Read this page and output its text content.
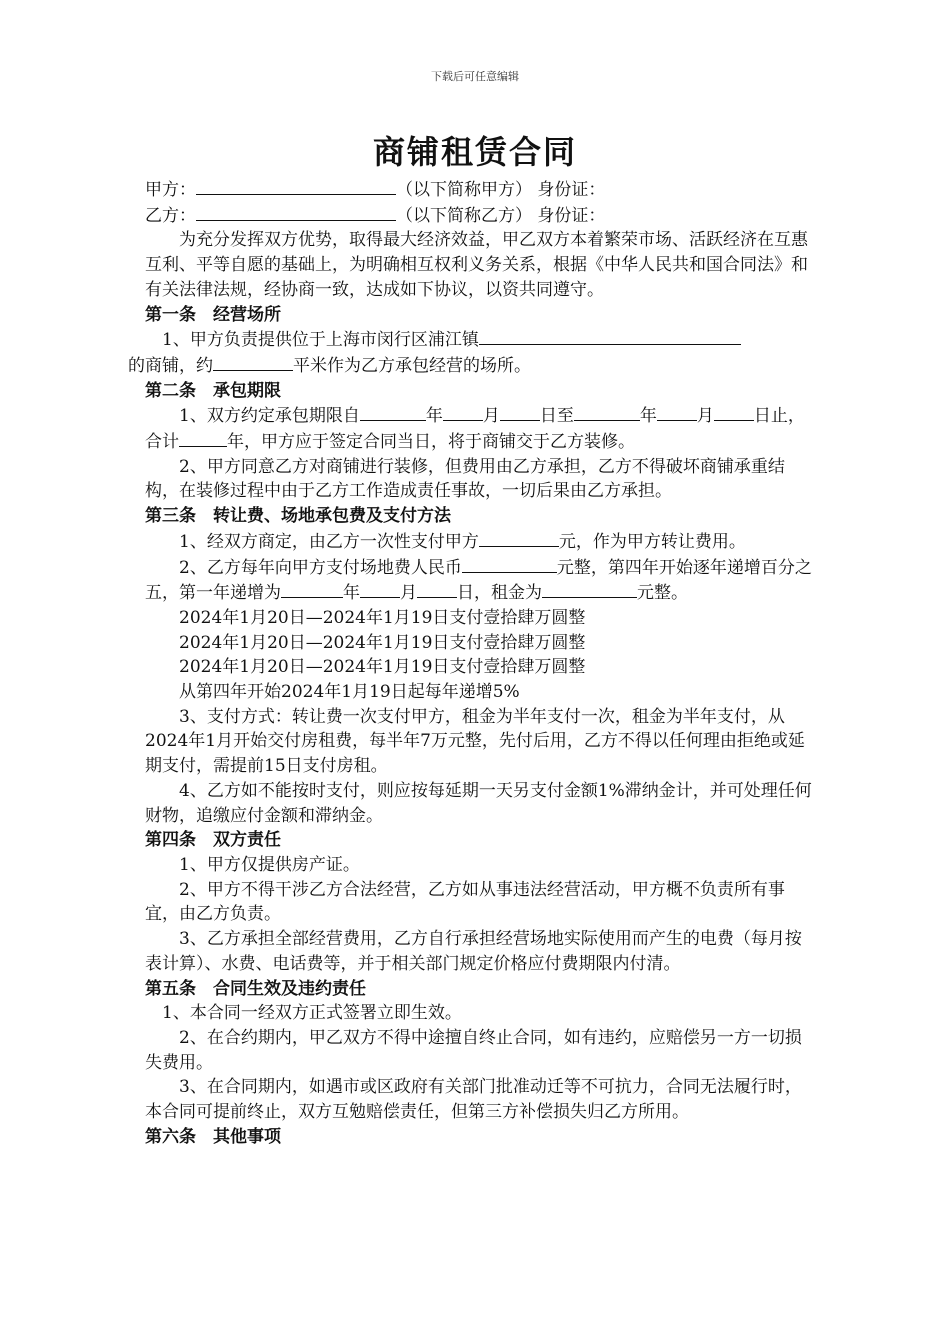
下载后可任意编辑
商铺租赁合同

甲方：	（以下简称甲方） 身份证：

乙方：	（以下简称乙方） 身份证：

为充分发挥双方优势，取得最大经济效益，甲乙双方本着繁荣市场、活跃经济在互惠互利、平等自愿的基础上，为明确相互权利义务关系，根据《中华人民共和国合同法》和有关法律法规，经协商一致，达成如下协议，以资共同遵守。

第一条　经营场所

1、甲方负责提供位于上海市闵行区浦江镇
的商铺，约	平米作为乙方承包经营的场所。

第二条　承包期限

1、双方约定承包期限自	年 月 日至	年 月 日止，合计	年，甲方应于签定合同当日，将于商铺交于乙方装修。

2、甲方同意乙方对商铺进行装修，但费用由乙方承担，乙方不得破坏商铺承重结构，在装修过程中由于乙方工作造成责任事故，一切后果由乙方承担。

第三条　转让费、场地承包费及支付方法

1、经双方商定，由乙方一次性支付甲方	元，作为甲方转让费用。

2、乙方每年向甲方支付场地费人民币	元整，第四年开始逐年递增百分之五，第一年递增为	年 月 日，租金为	元整。

2024年1月20日—2024年1月19日支付壹拾肆万圆整

2024年1月20日—2024年1月19日支付壹拾肆万圆整

2024年1月20日—2024年1月19日支付壹拾肆万圆整

从第四年开始2024年1月19日起每年递增5%

3、支付方式：转让费一次支付甲方，租金为半年支付一次，租金为半年支付，从2024年1月开始交付房租费，每半年7万元整，先付后用，乙方不得以任何理由拒绝或延期支付，需提前15日支付房租。

4、乙方如不能按时支付，则应按每延期一天另支付金额1%滞纳金计，并可处理任何财物，追缴应付金额和滞纳金。

第四条　双方责任

1、甲方仅提供房产证。

2、甲方不得干涉乙方合法经营，乙方如从事违法经营活动，甲方概不负责所有事宜，由乙方负责。

3、乙方承担全部经营费用，乙方自行承担经营场地实际使用而产生的电费（每月按表计算）、水费、电话费等，并于相关部门规定价格应付费期限内付清。

第五条　合同生效及违约责任

1、本合同一经双方正式签署立即生效。

2、在合约期内，甲乙双方不得中途擅自终止合同，如有违约，应赔偿另一方一切损失费用。

3、在合同期内，如遇市或区政府有关部门批准动迁等不可抗力，合同无法履行时，本合同可提前终止，双方互勉赔偿责任，但第三方补偿损失归乙方所用。

第六条　其他事项
